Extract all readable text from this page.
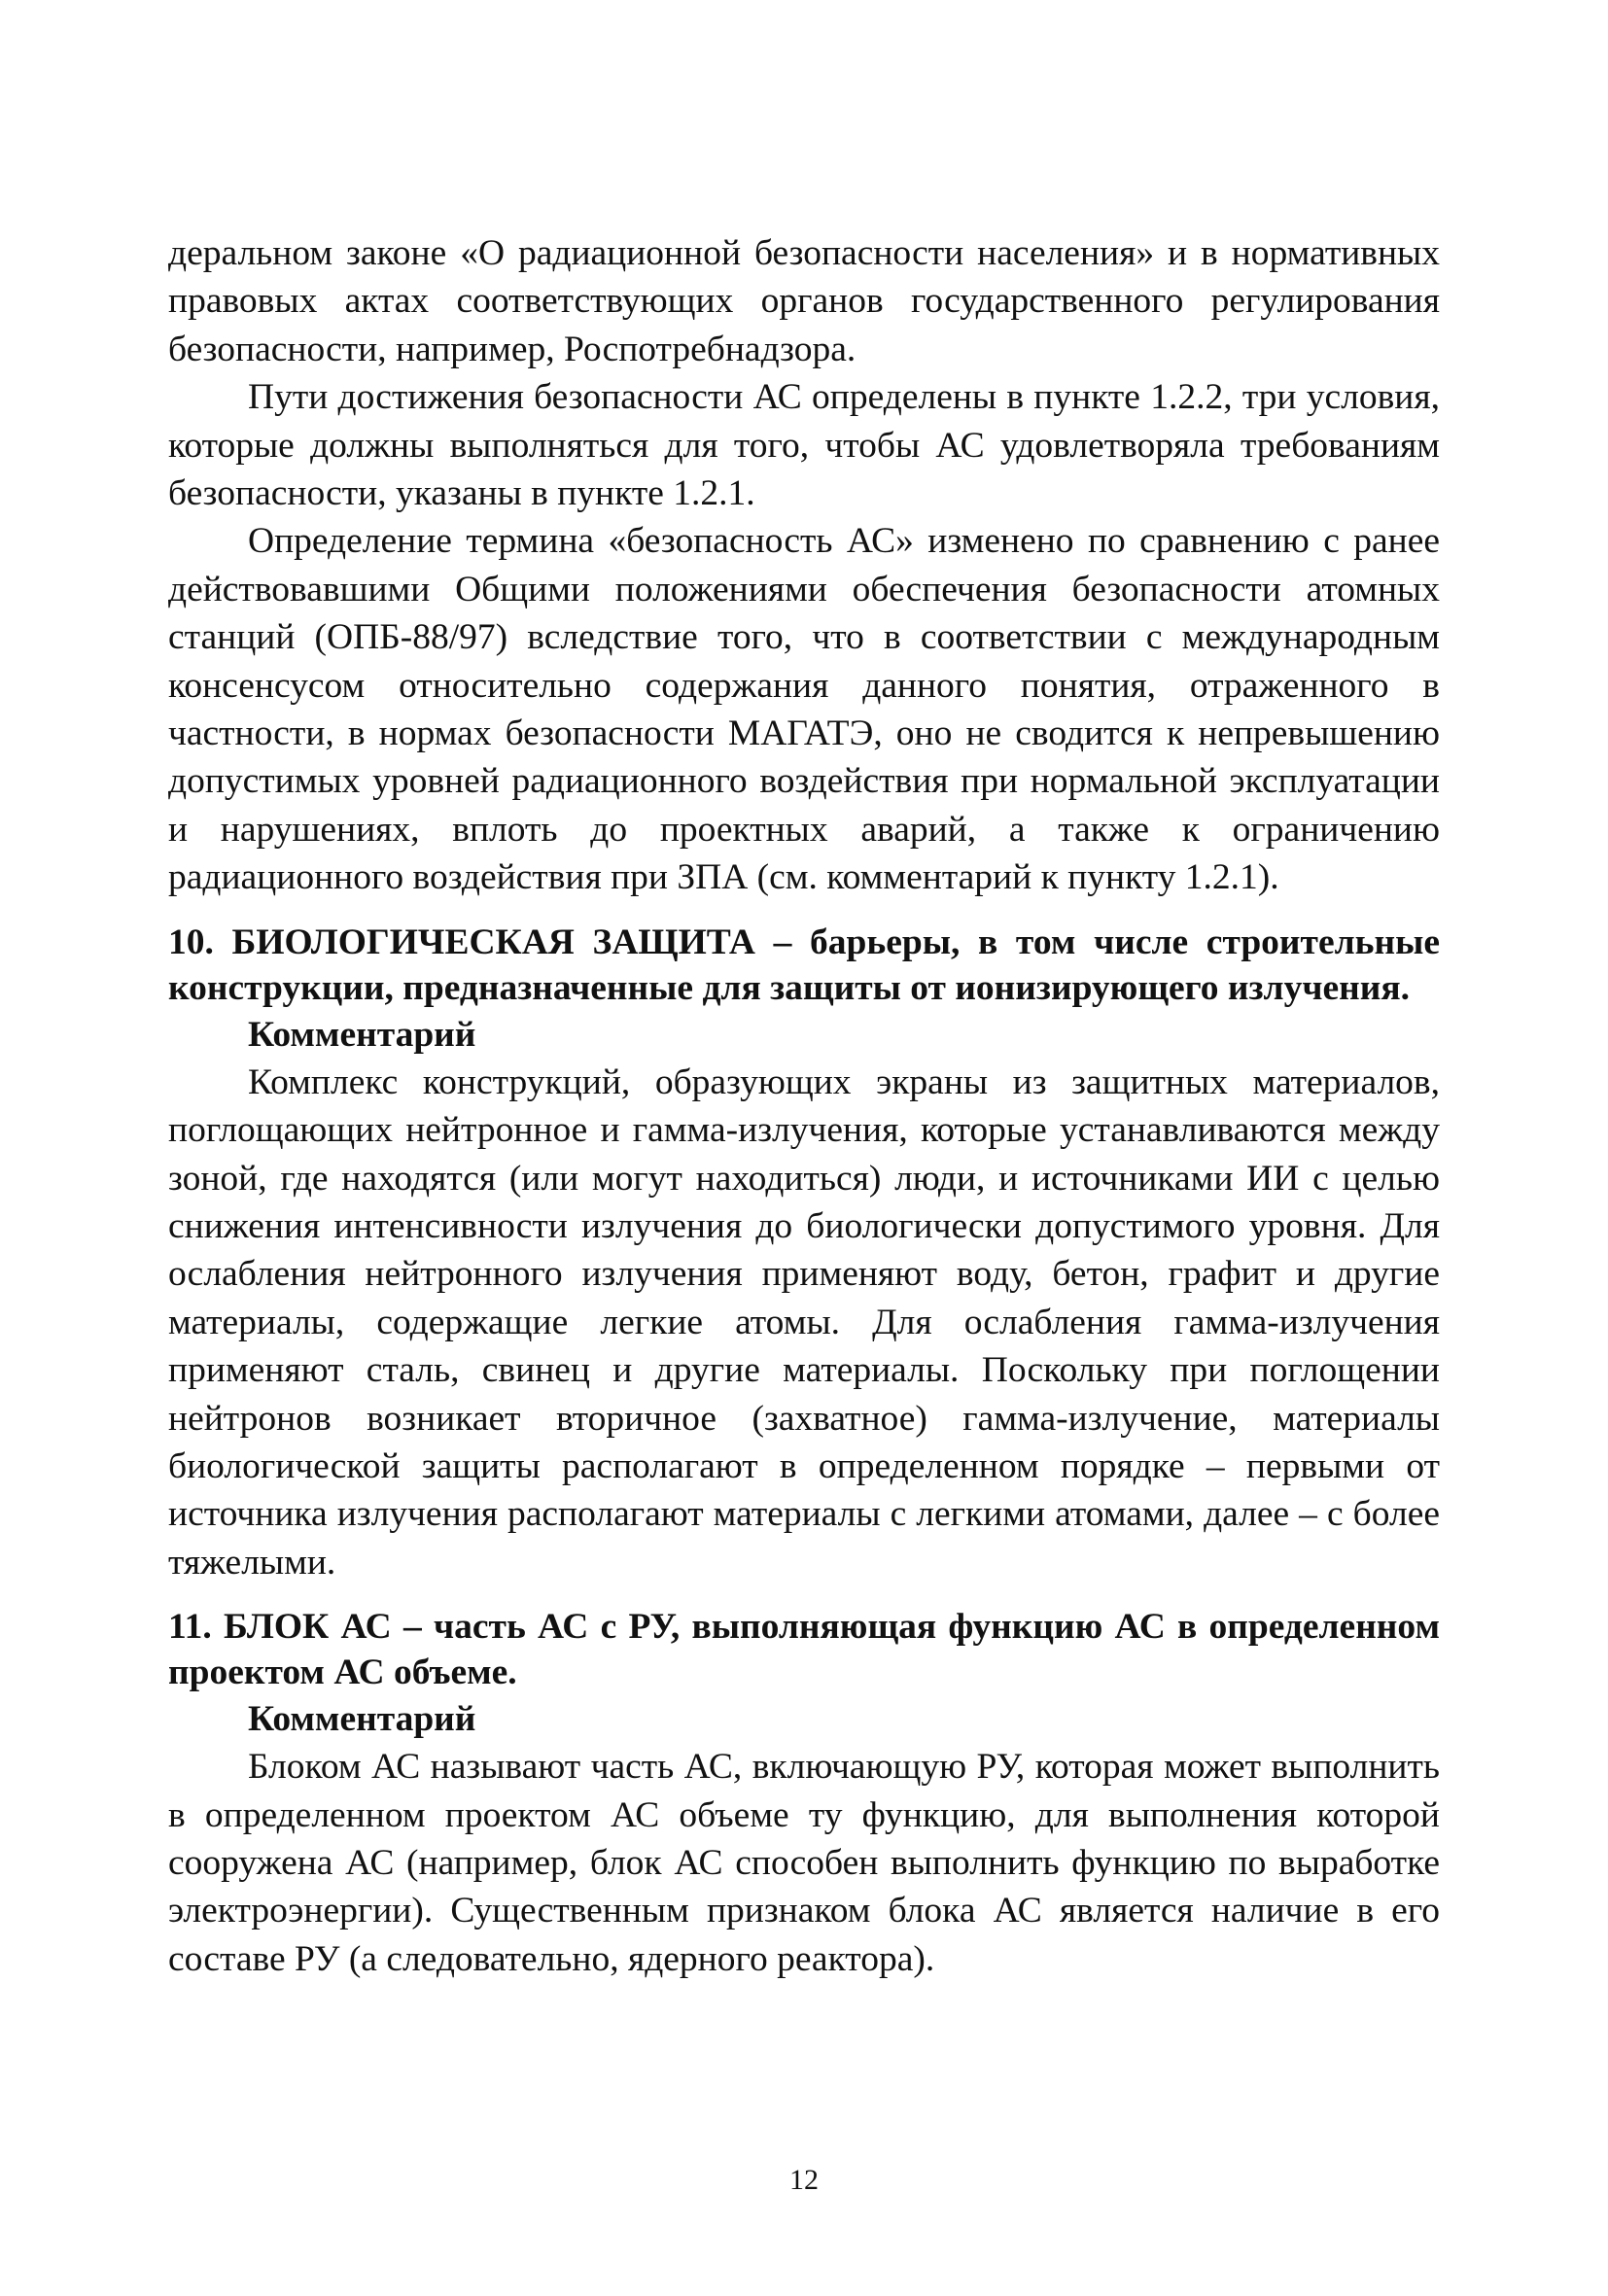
деральном законе «О радиационной безопасности населения» и в нормативных правовых актах соответствующих органов государственного регулирования безопасности, например, Роспотребнадзора.

Пути достижения безопасности АС определены в пункте 1.2.2, три условия, которые должны выполняться для того, чтобы АС удовлетворяла требованиям безопасности, указаны в пункте 1.2.1.

Определение термина «безопасность АС» изменено по сравнению с ранее действовавшими Общими положениями обеспечения безопасности атомных станций (ОПБ-88/97) вследствие того, что в соответствии с международным консенсусом относительно содержания данного понятия, отраженного в частности, в нормах безопасности МАГАТЭ, оно не сводится к непревышению допустимых уровней радиационного воздействия при нормальной эксплуатации и нарушениях, вплоть до проектных аварий, а также к ограничению радиационного воздействия при ЗПА (см. комментарий к пункту 1.2.1).

10. БИОЛОГИЧЕСКАЯ ЗАЩИТА – барьеры, в том числе строительные конструкции, предназначенные для защиты от ионизирующего излучения.

Комментарий

Комплекс конструкций, образующих экраны из защитных материалов, поглощающих нейтронное и гамма-излучения, которые устанавливаются между зоной, где находятся (или могут находиться) люди, и источниками ИИ с целью снижения интенсивности излучения до биологически допустимого уровня. Для ослабления нейтронного излучения применяют воду, бетон, графит и другие материалы, содержащие легкие атомы. Для ослабления гамма-излучения применяют сталь, свинец и другие материалы. Поскольку при поглощении нейтронов возникает вторичное (захватное) гамма-излучение, материалы биологической защиты располагают в определенном порядке – первыми от источника излучения располагают материалы с легкими атомами, далее – с более тяжелыми.

11. БЛОК АС – часть АС с РУ, выполняющая функцию АС в определенном проектом АС объеме.

Комментарий

Блоком АС называют часть АС, включающую РУ, которая может выполнить в определенном проектом АС объеме ту функцию, для выполнения которой сооружена АС (например, блок АС способен выполнить функцию по выработке электроэнергии). Существенным признаком блока АС является наличие в его составе РУ (а следовательно, ядерного реактора).

12
